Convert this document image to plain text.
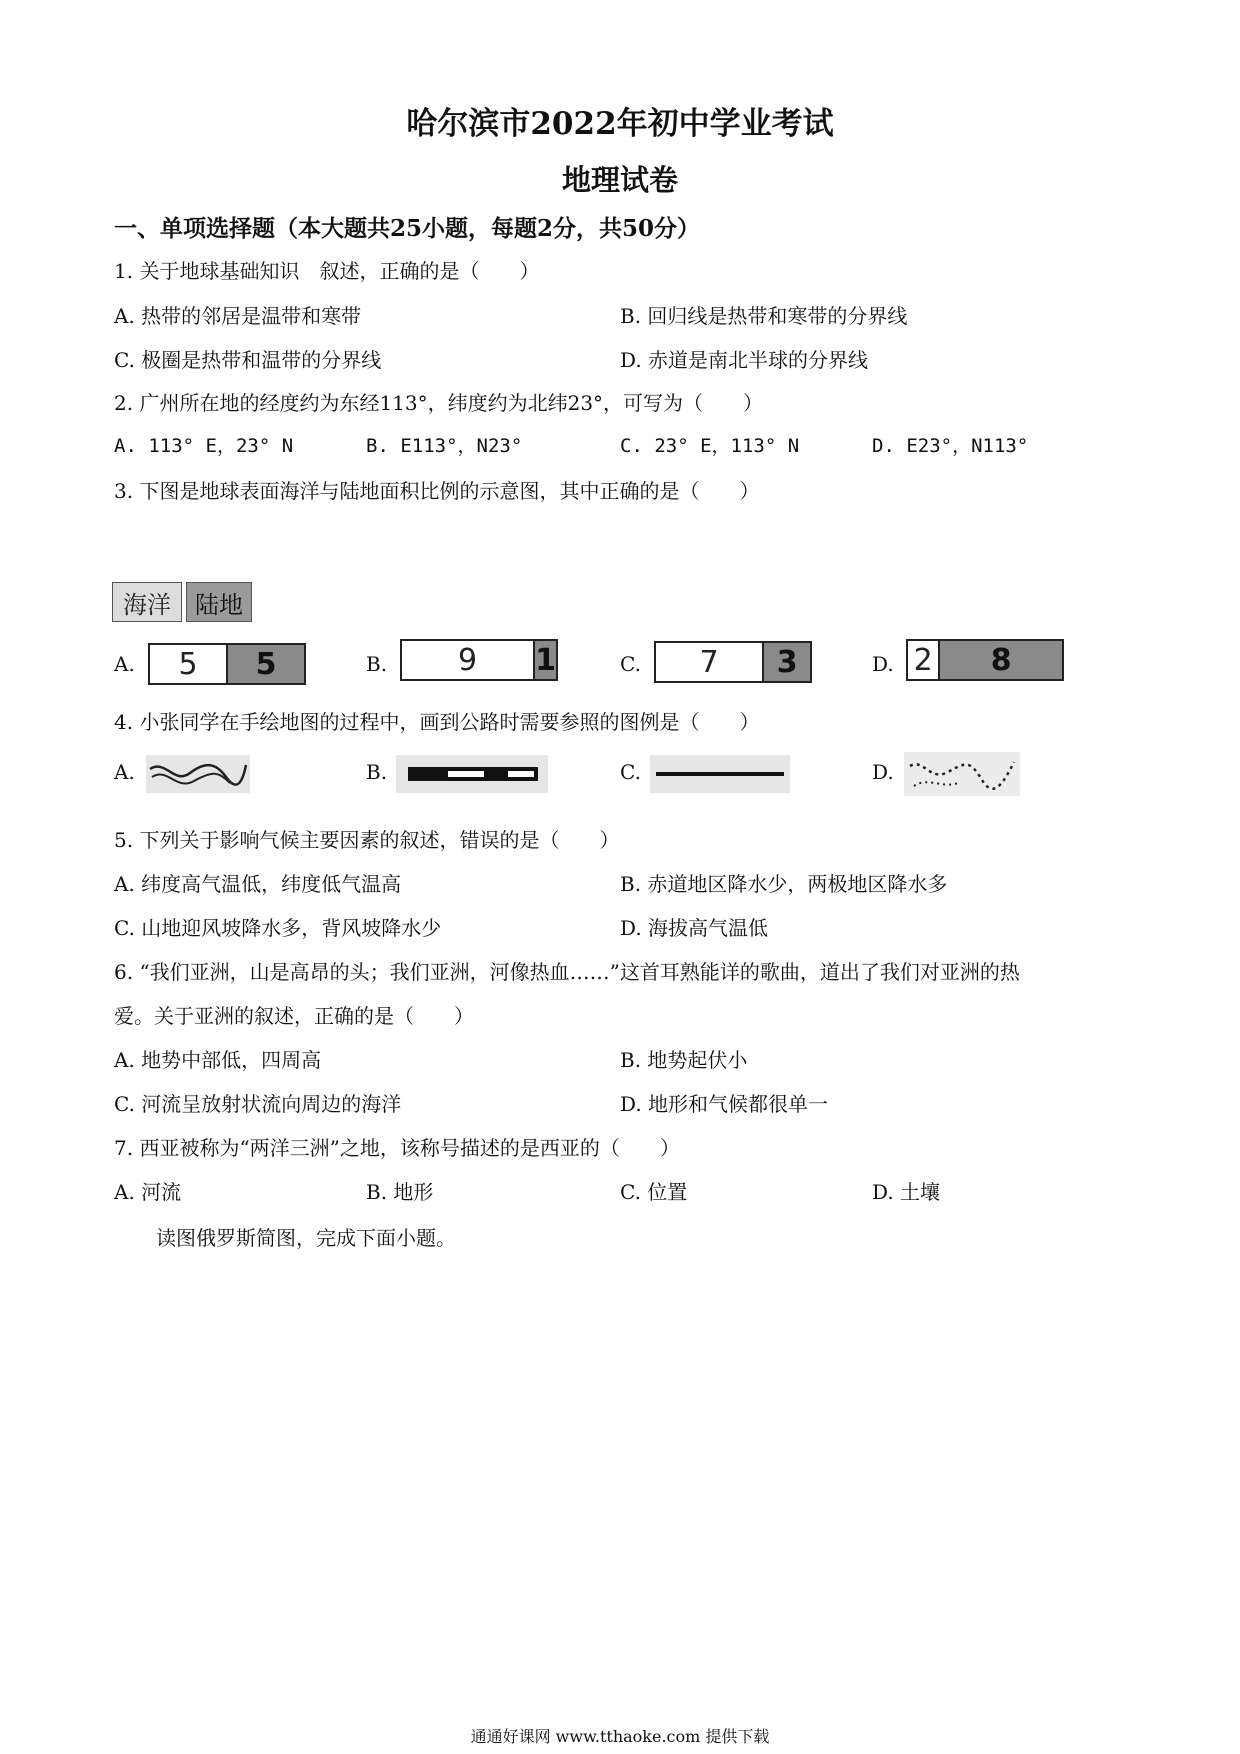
哈尔滨市2022年初中学业考试
地理试卷
一、单项选择题（本大题共25小题，每题2分，共50分）
1. 关于地球基础知识　叙述，正确的是（　　）
A. 热带的邻居是温带和寒带	B. 回归线是热带和寒带的分界线
C. 极圈是热带和温带的分界线	D. 赤道是南北半球的分界线
2. 广州所在地的经度约为东经113°，纬度约为北纬23°，可写为（　　）
A. 113° E，23° N	B. E113°，N23°	C. 23° E，113° N	D. E23°，N113°
3. 下图是地球表面海洋与陆地面积比例的示意图，其中正确的是（　　）
海洋	陆地
A.	5	5	B.	9	1	C.	7	3	D. 2	8
4. 小张同学在手绘地图的过程中，画到公路时需要参照的图例是（　　）
A.	B.	C.	D.
5. 下列关于影响气候主要因素的叙述，错误的是（　　）
A. 纬度高气温低，纬度低气温高	B. 赤道地区降水少，两极地区降水多
C. 山地迎风坡降水多，背风坡降水少	D. 海拔高气温低
6. “我们亚洲，山是高昂的头；我们亚洲，河像热血……”这首耳熟能详的歌曲，道出了我们对亚洲的热
爱。关于亚洲的叙述，正确的是（　　）
A. 地势中部低，四周高	B. 地势起伏小
C. 河流呈放射状流向周边的海洋	D. 地形和气候都很单一
7. 西亚被称为“两洋三洲”之地，该称号描述的是西亚的（　　）
A. 河流	B. 地形	C. 位置	D. 土壤
读图俄罗斯简图，完成下面小题。
通通好课网 www.tthaoke.com 提供下载
